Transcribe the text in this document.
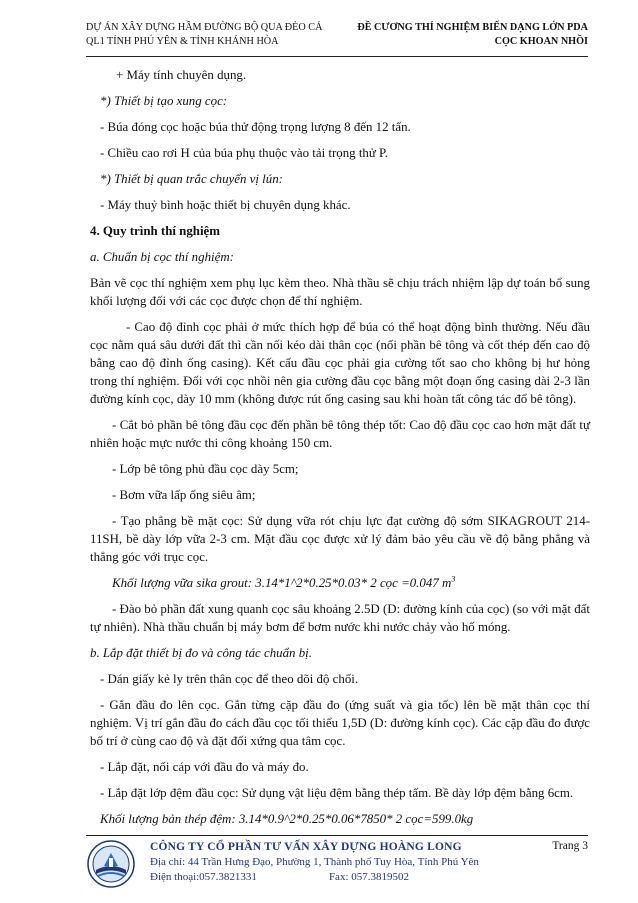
DỰ ÁN XÂY DỰNG HẦM ĐƯỜNG BỘ QUA ĐÈO CẢ
QL1 TỈNH PHÚ YÊN & TỈNH KHÁNH HÒA
ĐỀ CƯƠNG THÍ NGHIỆM BIẾN DẠNG LỚN PDA
CỌC KHOAN NHỒI

+ Máy tính chuyên dụng.

*) Thiết bị tạo xung cọc:

- Búa đóng cọc hoặc búa thử động trọng lượng 8 đến 12 tấn.

- Chiều cao rơi H của búa phụ thuộc vào tải trọng thử P.

*) Thiết bị quan trắc chuyển vị lún:

- Máy thuỷ bình hoặc thiết bị chuyên dụng khác.

4. Quy trình thí nghiệm

a. Chuẩn bị cọc thí nghiệm:

Bản vẽ cọc thí nghiệm xem phụ lục kèm theo. Nhà thầu sẽ chịu trách nhiệm lập dự toán bổ sung khối lượng đối với các cọc được chọn để thí nghiệm.

- Cao độ đỉnh cọc phải ở mức thích hợp để búa có thể hoạt động bình thường. Nếu đầu cọc nằm quá sâu dưới đất thì cần nối kéo dài thân cọc (nối phần bê tông và cốt thép đến cao độ bằng cao độ đỉnh ống casing). Kết cấu đầu cọc phải gia cường tốt sao cho không bị hư hỏng trong thí nghiệm. Đối với cọc nhồi nên gia cường đầu cọc bằng một đoạn ống casing dài 2-3 lần đường kính cọc, dày 10 mm (không được rút ống casing sau khi hoàn tất công tác đổ bê tông).

- Cắt bỏ phần bê tông đầu cọc đến phần bê tông thép tốt: Cao độ đầu cọc cao hơn mặt đất tự nhiên hoặc mực nước thi công khoảng 150 cm.

- Lớp bê tông phủ đầu cọc dày 5cm;

- Bơm vữa lấp ống siêu âm;

- Tạo phẳng bề mặt cọc: Sử dụng vữa rót chịu lực đạt cường độ sớm SIKAGROUT 214-11SH, bề dày lớp vữa 2-3 cm. Mặt đầu cọc được xử lý đảm bảo yêu cầu về độ bằng phẳng và thẳng góc với trục cọc.

Khối lượng vữa sika grout: 3.14*1^2*0.25*0.03* 2 cọc =0.047 $m^3$

- Đào bỏ phần đất xung quanh cọc sâu khoảng 2.5D (D: đường kính của cọc) (so với mặt đất tự nhiên). Nhà thầu chuẩn bị máy bơm để bơm nước khi nước chảy vào hố móng.

b. Lắp đặt thiết bị đo và công tác chuẩn bị.

- Dán giấy kẻ ly trên thân cọc để theo dõi độ chối.

- Gắn đầu đo lên cọc. Gắn từng cặp đầu đo (ứng suất và gia tốc) lên bề mặt thân cọc thí nghiệm. Vị trí gắn đầu đo cách đầu cọc tối thiểu 1,5D (D: đường kính cọc). Các cặp đầu đo được bố trí ở cùng cao độ và đặt đối xứng qua tâm cọc.

- Lắp đặt, nối cáp với đầu đo và máy đo.

- Lắp đặt lớp đệm đầu cọc: Sử dụng vật liệu đệm bằng thép tấm. Bề dày lớp đệm bằng 6cm.

Khối lượng bản thép đệm: 3.14*0.9^2*0.25*0.06*7850* 2 cọc=599.0kg

CÔNG TY CỔ PHẦN TƯ VẤN XÂY DỰNG HOÀNG LONG
Địa chỉ: 44 Trần Hưng Đạo, Phường 1, Thành phố Tuy Hòa, Tỉnh Phú Yên
Điện thoại:057.3821331	Fax: 057.3819502
Trang 3
